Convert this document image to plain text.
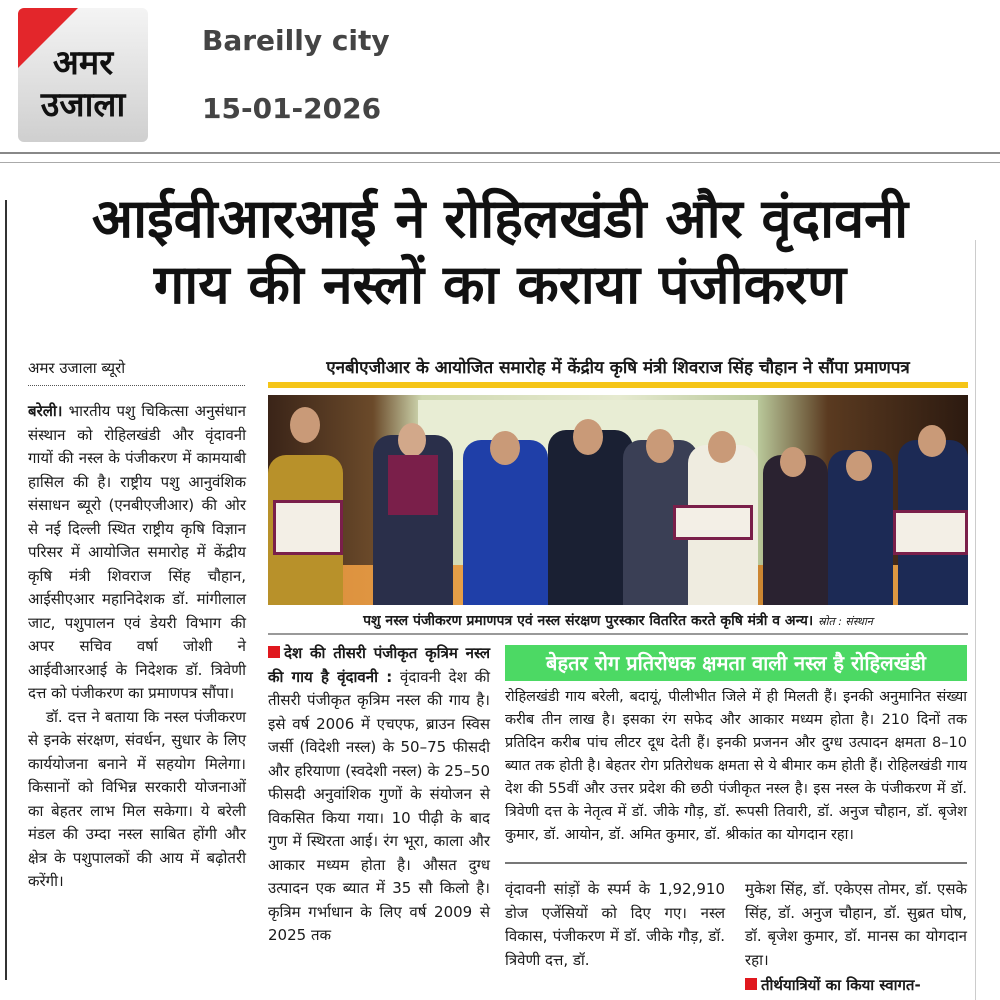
अमर
उजाला
Bareilly city
15-01-2026
आईवीआरआई ने रोहिलखंडी और वृंदावनी
गाय की नस्लों का कराया पंजीकरण
अमर उजाला ब्यूरो

बरेली। भारतीय पशु चिकित्सा अनुसंधान संस्थान को रोहिलखंडी और वृंदावनी गायों की नस्ल के पंजीकरण में कामयाबी हासिल की है। राष्ट्रीय पशु आनुवंशिक संसाधन ब्यूरो (एनबीएजीआर) की ओर से नई दिल्ली स्थित राष्ट्रीय कृषि विज्ञान परिसर में आयोजित समारोह में केंद्रीय कृषि मंत्री शिवराज सिंह चौहान, आईसीएआर महानिदेशक डॉ. मांगीलाल जाट, पशुपालन एवं डेयरी विभाग की अपर सचिव वर्षा जोशी ने आईवीआरआई के निदेशक डॉ. त्रिवेणी दत्त को पंजीकरण का प्रमाणपत्र सौंपा।

डॉ. दत्त ने बताया कि नस्ल पंजीकरण से इनके संरक्षण, संवर्धन, सुधार के लिए कार्ययोजना बनाने में सहयोग मिलेगा। किसानों को विभिन्न सरकारी योजनाओं का बेहतर लाभ मिल सकेगा। ये बरेली मंडल की उम्दा नस्ल साबित होंगी और क्षेत्र के पशुपालकों की आय में बढ़ोतरी करेंगी।

एनबीएजीआर के आयोजित समारोह में केंद्रीय कृषि मंत्री शिवराज सिंह चौहान ने सौंपा प्रमाणपत्र
पशु नस्ल पंजीकरण प्रमाणपत्र एवं नस्ल संरक्षण पुरस्कार वितरित करते कृषि मंत्री व अन्य। स्रोत : संस्थान

देश की तीसरी पंजीकृत कृत्रिम नस्ल की गाय है वृंदावनी : वृंदावनी देश की तीसरी पंजीकृत कृत्रिम नस्ल की गाय है। इसे वर्ष 2006 में एचएफ, ब्राउन स्विस जर्सी (विदेशी नस्ल) के 50–75 फीसदी और हरियाणा (स्वदेशी नस्ल) के 25–50 फीसदी अनुवांशिक गुणों के संयोजन से विकसित किया गया। 10 पीढ़ी के बाद गुण में स्थिरता आई। रंग भूरा, काला और आकार मध्यम होता है। औसत दुग्ध उत्पादन एक ब्यात में 35 सौ किलो है। कृत्रिम गर्भाधान के लिए वर्ष 2009 से 2025 तक

बेहतर रोग प्रतिरोधक क्षमता वाली नस्ल है रोहिलखंडी
रोहिलखंडी गाय बरेली, बदायूं, पीलीभीत जिले में ही मिलती हैं। इनकी अनुमानित संख्या करीब तीन लाख है। इसका रंग सफेद और आकार मध्यम होता है। 210 दिनों तक प्रतिदिन करीब पांच लीटर दूध देती हैं। इनकी प्रजनन और दुग्ध उत्पादन क्षमता 8–10 ब्यात तक होती है। बेहतर रोग प्रतिरोधक क्षमता से ये बीमार कम होती हैं। रोहिलखंडी गाय देश की 55वीं और उत्तर प्रदेश की छठी पंजीकृत नस्ल है। इस नस्ल के पंजीकरण में डॉ. त्रिवेणी दत्त के नेतृत्व में डॉ. जीके गौड़, डॉ. रूपसी तिवारी, डॉ. अनुज चौहान, डॉ. बृजेश कुमार, डॉ. आयोन, डॉ. अमित कुमार, डॉ. श्रीकांत का योगदान रहा।
वृंदावनी सांड़ों के स्पर्म के 1,92,910 डोज एजेंसियों को दिए गए। नस्ल विकास, पंजीकरण में डॉ. जीके गौड़, डॉ. त्रिवेणी दत्त, डॉ.
मुकेश सिंह, डॉ. एकेएस तोमर, डॉ. एसके सिंह, डॉ. अनुज चौहान, डॉ. सुब्रत घोष, डॉ. बृजेश कुमार, डॉ. मानस का योगदान रहा।
तीर्थयात्रियों का किया स्वागत-
